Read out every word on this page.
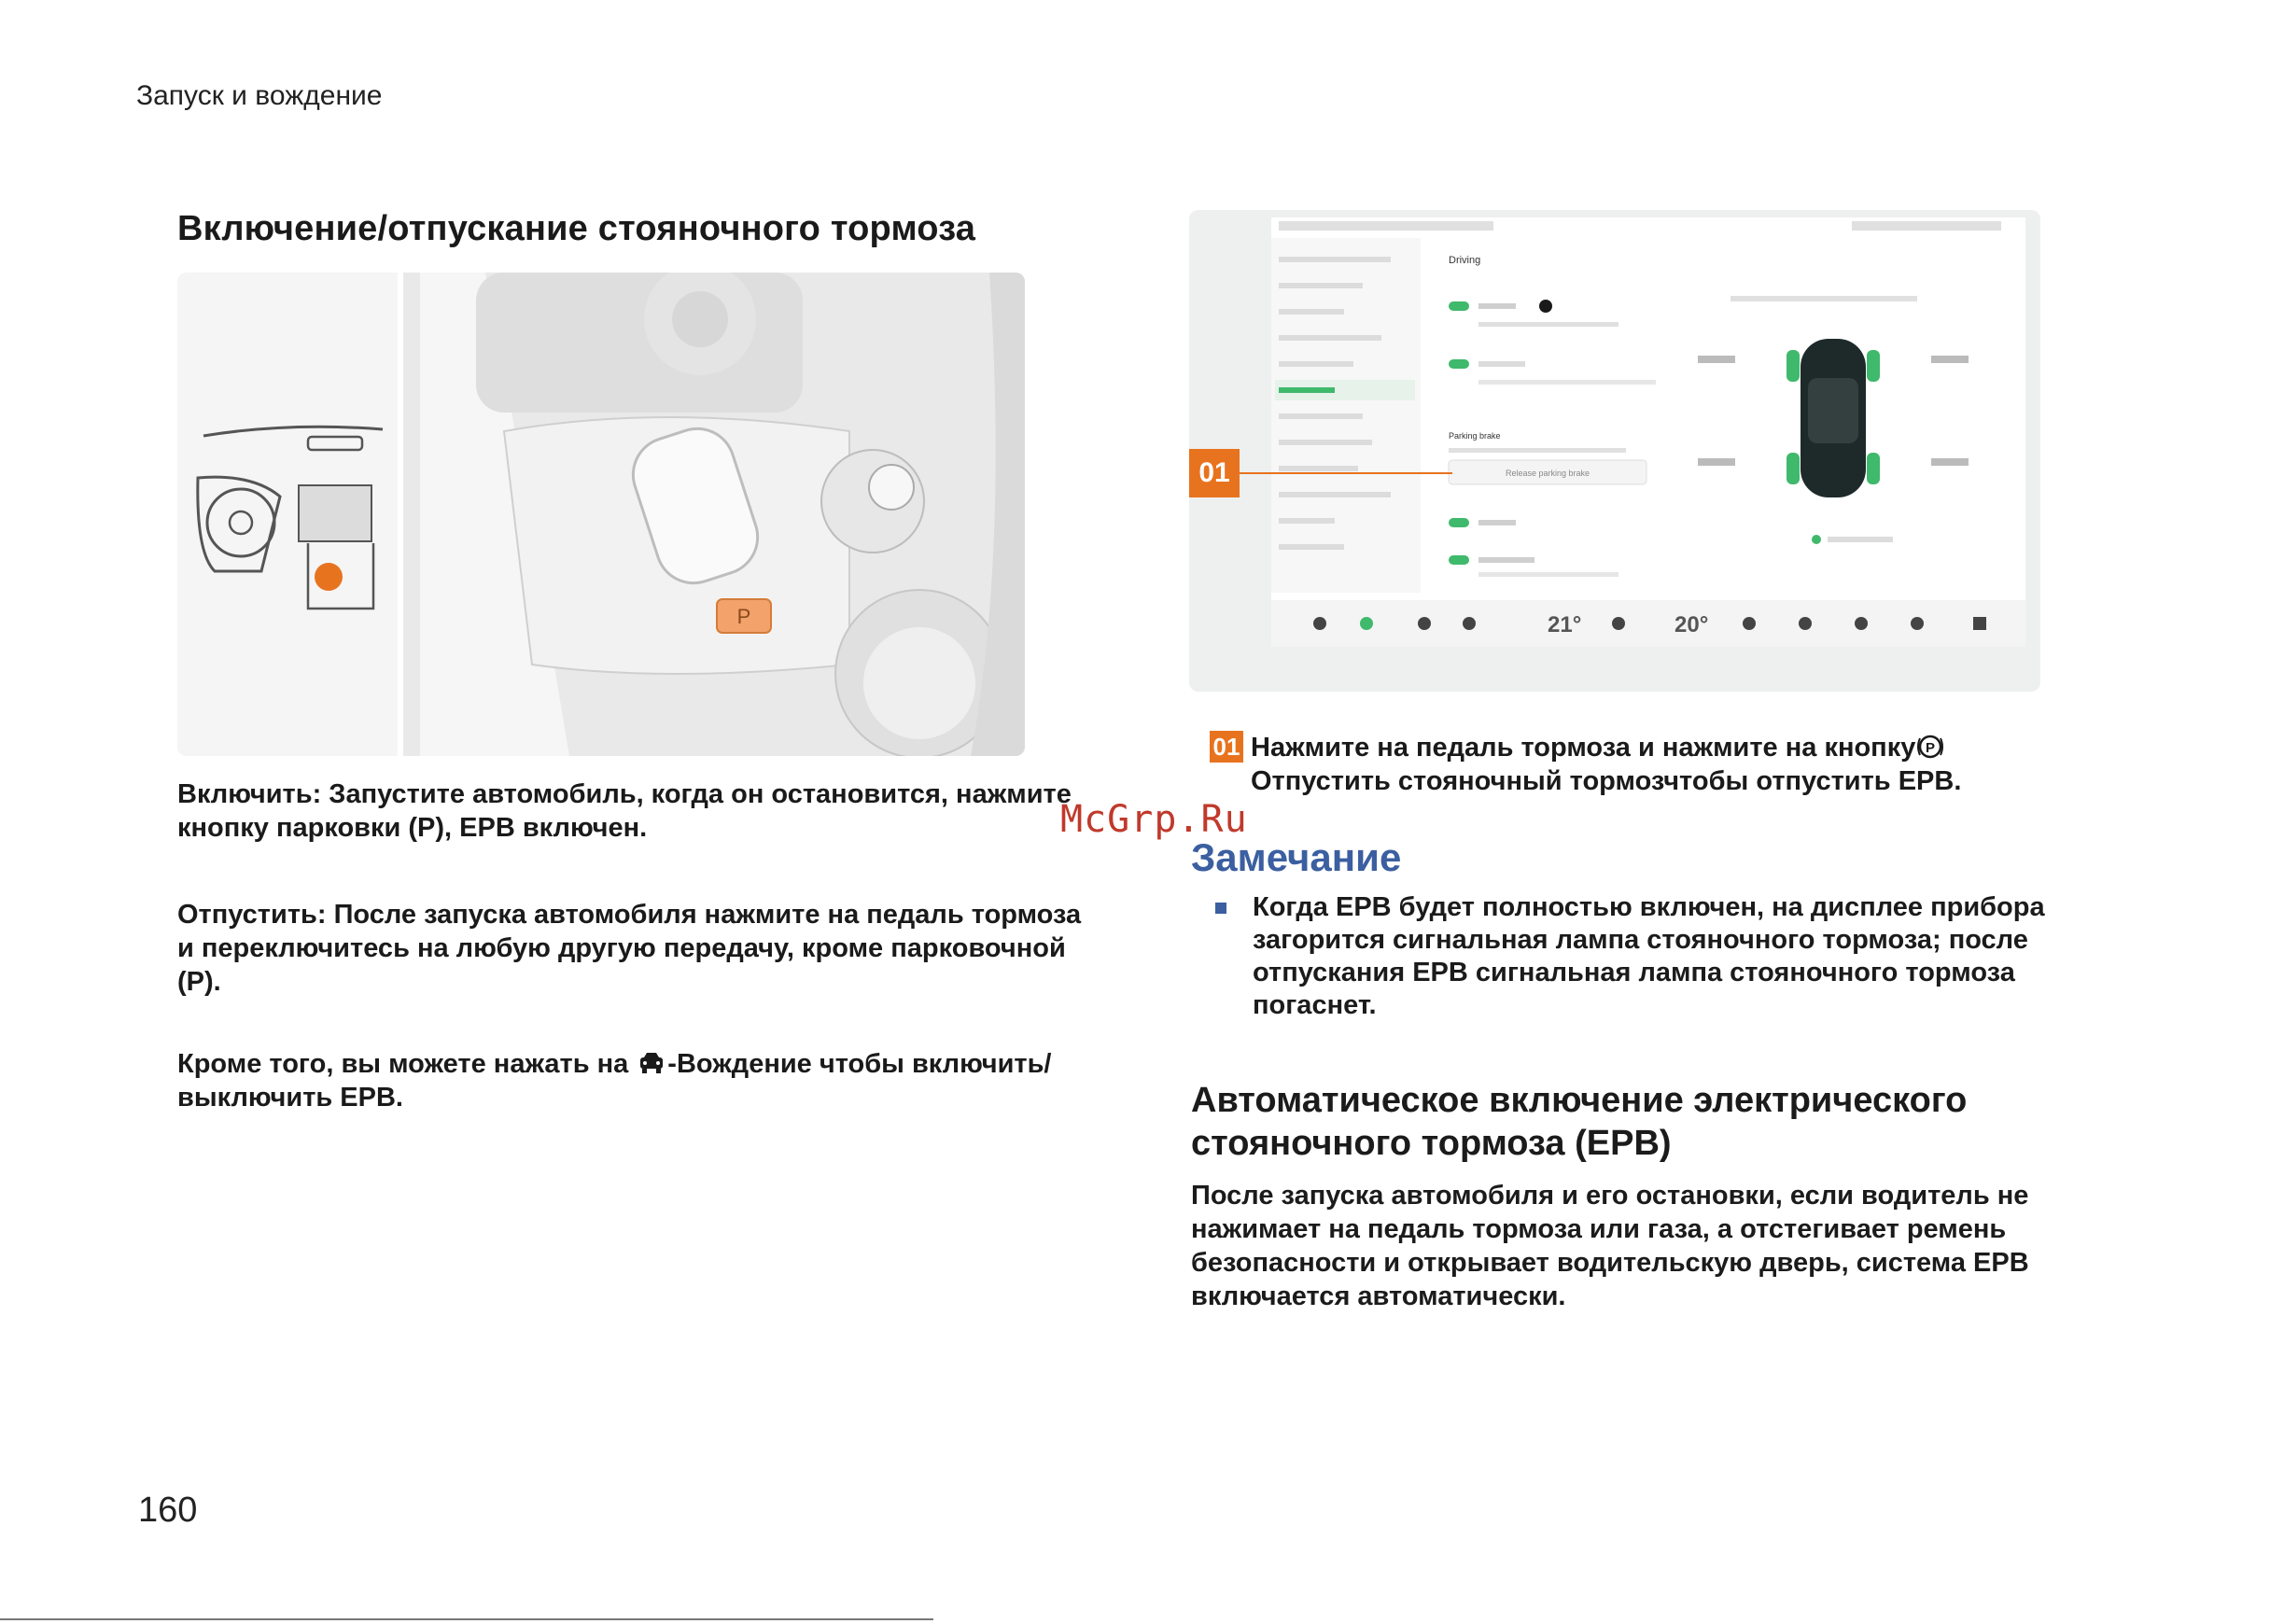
Запуск и вождение
Включение/отпускание стояночного тормоза
P
Включить: Запустите автомобиль, когда он остановится, нажмите кнопку парковки (P), EPB включен.
Отпустить: После запуска автомобиля нажмите на педаль тормоза и переключитесь на любую другую передачу, кроме парковочной (P).
Кроме того, вы можете нажать на -Вождение чтобы включить/выключить EPB.
Driving
Parking brake
Release parking brake
21°	20°
01
01 Нажмите на педаль тормоза и нажмите на кнопку P
Отпустить стояночный тормозчтобы отпустить EPB.
McGrp.Ru
Замечание
Когда EPB будет полностью включен, на дисплее прибора загорится сигнальная лампа стояночного тормоза; после отпускания EPB сигнальная лампа стояночного тормоза погаснет.
Автоматическое включение электрического стояночного тормоза (EPB)
После запуска автомобиля и его остановки, если водитель не нажимает на педаль тормоза или газа, а отстегивает ремень безопасности и открывает водительскую дверь, система EPB включается автоматически.
160
